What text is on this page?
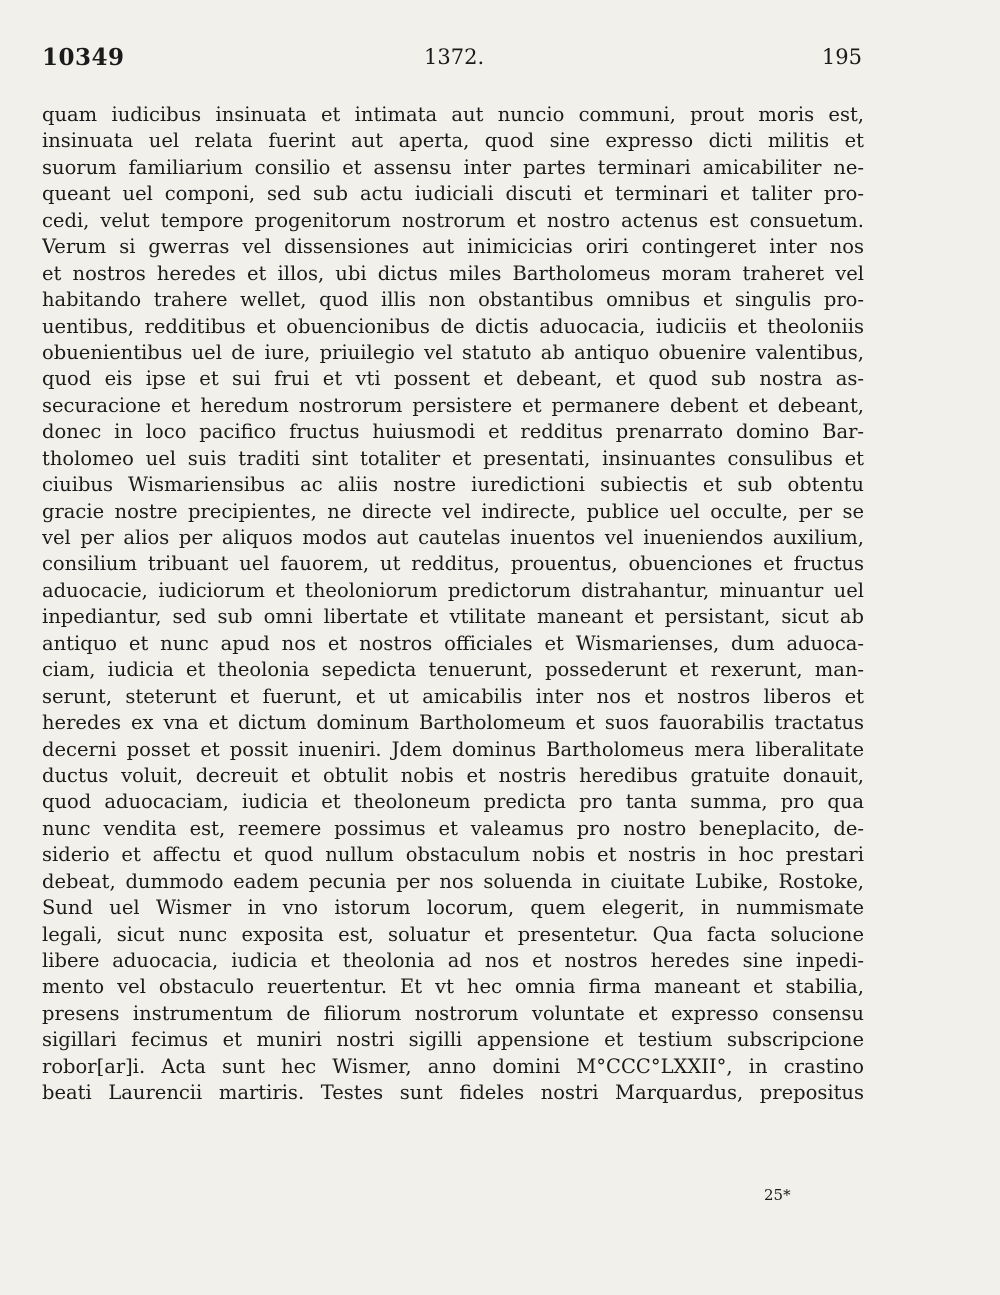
10349	1372.	195
quam iudicibus insinuata et intimata aut nuncio communi, prout moris est,
insinuata uel relata fuerint aut aperta, quod sine expresso dicti militis et
suorum familiarium consilio et assensu inter partes terminari amicabiliter ne-
queant uel componi, sed sub actu iudiciali discuti et terminari et taliter pro-
cedi, velut tempore progenitorum nostrorum et nostro actenus est consuetum.
Verum si gwerras vel dissensiones aut inimicicias oriri contingeret inter nos
et nostros heredes et illos, ubi dictus miles Bartholomeus moram traheret vel
habitando trahere wellet, quod illis non obstantibus omnibus et singulis pro-
uentibus, redditibus et obuencionibus de dictis aduocacia, iudiciis et theoloniis
obuenientibus uel de iure, priuilegio vel statuto ab antiquo obuenire valentibus,
quod eis ipse et sui frui et vti possent et debeant, et quod sub nostra as-
securacione et heredum nostrorum persistere et permanere debent et debeant,
donec in loco pacifico fructus huiusmodi et redditus prenarrato domino Bar-
tholomeo uel suis traditi sint totaliter et presentati, insinuantes consulibus et
ciuibus Wismariensibus ac aliis nostre iuredictioni subiectis et sub obtentu
gracie nostre precipientes, ne directe vel indirecte, publice uel occulte, per se
vel per alios per aliquos modos aut cautelas inuentos vel inueniendos auxilium,
consilium tribuant uel fauorem, ut redditus, prouentus, obuenciones et fructus
aduocacie, iudiciorum et theoloniorum predictorum distrahantur, minuantur uel
inpediantur, sed sub omni libertate et vtilitate maneant et persistant, sicut ab
antiquo et nunc apud nos et nostros officiales et Wismarienses, dum aduoca-
ciam, iudicia et theolonia sepedicta tenuerunt, possederunt et rexerunt, man-
serunt, steterunt et fuerunt, et ut amicabilis inter nos et nostros liberos et
heredes ex vna et dictum dominum Bartholomeum et suos fauorabilis tractatus
decerni posset et possit inueniri. Jdem dominus Bartholomeus mera liberalitate
ductus voluit, decreuit et obtulit nobis et nostris heredibus gratuite donauit,
quod aduocaciam, iudicia et theoloneum predicta pro tanta summa, pro qua
nunc vendita est, reemere possimus et valeamus pro nostro beneplacito, de-
siderio et affectu et quod nullum obstaculum nobis et nostris in hoc prestari
debeat, dummodo eadem pecunia per nos soluenda in ciuitate Lubike, Rostoke,
Sund uel Wismer in vno istorum locorum, quem elegerit, in nummismate
legali, sicut nunc exposita est, soluatur et presentetur. Qua facta solucione
libere aduocacia, iudicia et theolonia ad nos et nostros heredes sine inpedi-
mento vel obstaculo reuertentur. Et vt hec omnia firma maneant et stabilia,
presens instrumentum de filiorum nostrorum voluntate et expresso consensu
sigillari fecimus et muniri nostri sigilli appensione et testium subscripcione
robor[ar]i. Acta sunt hec Wismer, anno domini M°CCC°LXXII°, in crastino
beati Laurencii martiris. Testes sunt fideles nostri Marquardus, prepositus
25*
